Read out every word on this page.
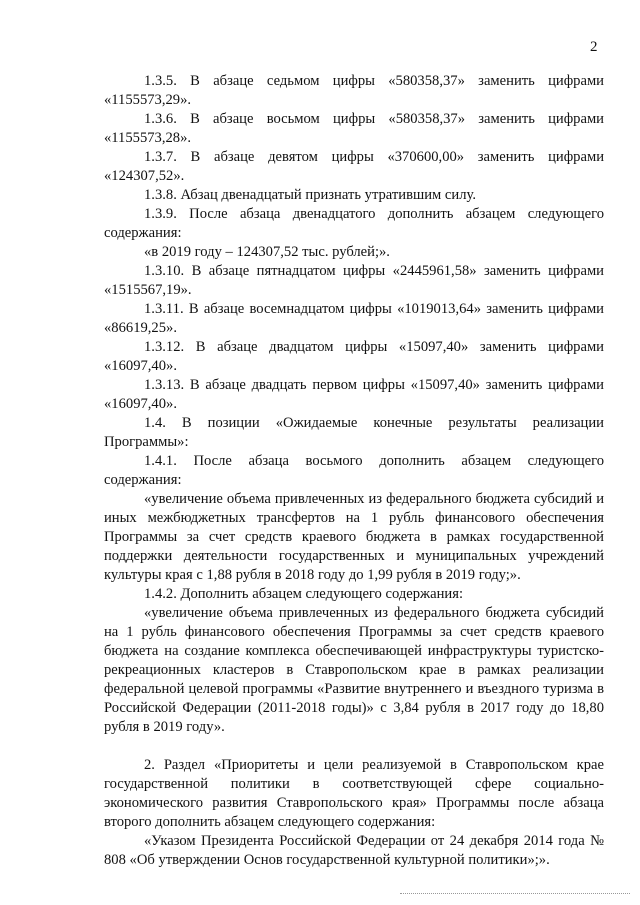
2

1.3.5. В абзаце седьмом цифры «580358,37» заменить цифрами «1155573,29».

1.3.6. В абзаце восьмом цифры «580358,37» заменить цифрами «1155573,28».

1.3.7. В абзаце девятом цифры «370600,00» заменить цифрами «124307,52».

1.3.8. Абзац двенадцатый признать утратившим силу.

1.3.9. После абзаца двенадцатого дополнить абзацем следующего содержания:

«в 2019 году – 124307,52 тыс. рублей;».

1.3.10. В абзаце пятнадцатом цифры «2445961,58» заменить цифрами «1515567,19».

1.3.11. В абзаце восемнадцатом цифры «1019013,64» заменить цифрами «86619,25».

1.3.12. В абзаце двадцатом цифры «15097,40» заменить цифрами «16097,40».

1.3.13. В абзаце двадцать первом цифры «15097,40» заменить цифрами «16097,40».

1.4. В позиции «Ожидаемые конечные результаты реализации Программы»:

1.4.1. После абзаца восьмого дополнить абзацем следующего содержания:

«увеличение объема привлеченных из федерального бюджета субсидий и иных межбюджетных трансфертов на 1 рубль финансового обеспечения Программы за счет средств краевого бюджета в рамках государственной поддержки деятельности государственных и муниципальных учреждений культуры края с 1,88 рубля в 2018 году до 1,99 рубля в 2019 году;».

1.4.2. Дополнить абзацем следующего содержания:

«увеличение объема привлеченных из федерального бюджета субсидий на 1 рубль финансового обеспечения Программы за счет средств краевого бюджета на создание комплекса обеспечивающей инфраструктуры туристско-рекреационных кластеров в Ставропольском крае в рамках реализации федеральной целевой программы «Развитие внутреннего и въездного туризма в Российской Федерации (2011-2018 годы)» с 3,84 рубля в 2017 году до 18,80 рубля в 2019 году».

2. Раздел «Приоритеты и цели реализуемой в Ставропольском крае государственной политики в соответствующей сфере социально-экономического развития Ставропольского края» Программы после абзаца второго дополнить абзацем следующего содержания:

«Указом Президента Российской Федерации от 24 декабря 2014 года № 808 «Об утверждении Основ государственной культурной политики»;».
